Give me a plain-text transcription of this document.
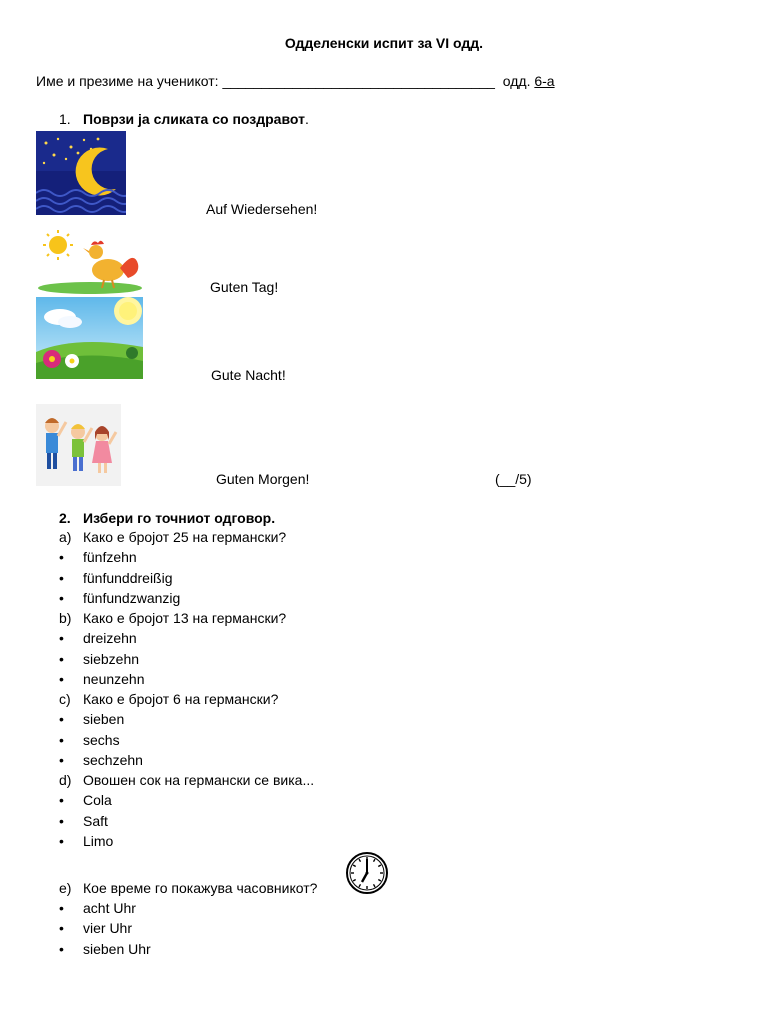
Одделенски испит за VI одд.
Име и презиме на ученикот: ___________________________________ одд. 6-а
1. Поврзи ја сликата со поздравот.
Auf Wiedersehen!
Guten Tag!
Gute Nacht!
Guten Morgen!	(__/5)
2. Избери го точниот одговор.
a) Како е бројот 25 на германски?
• fünfzehn
• fünfunddreißig
• fünfundzwanzig
b) Како е бројот 13 на германски?
• dreizehn
• siebzehn
• neunzehn
c) Како е бројот 6 на германски?
• sieben
• sechs
• sechzehn
d) Овошен сок на германски се вика...
• Cola
• Saft
• Limo
e) Кое време го покажува часовникот?
• acht Uhr
• vier Uhr
• sieben Uhr
